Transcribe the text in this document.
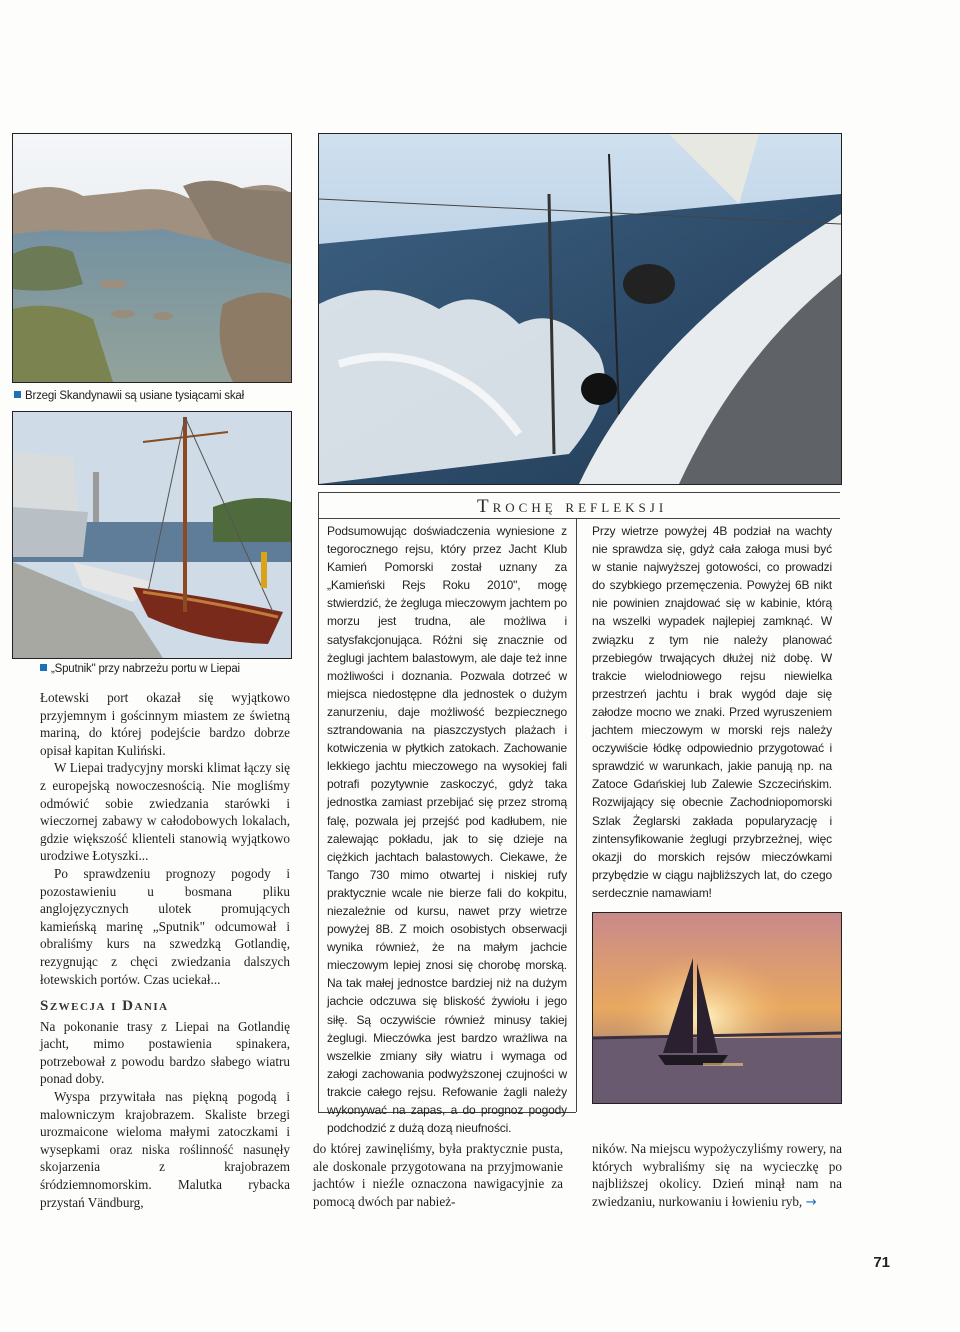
Brzegi Skandynawii są usiane tysiącami skał
„Sputnik" przy nabrzeżu portu w Liepai
Trochę refleksji

Podsumowując doświadczenia wyniesione z tegorocznego rejsu, który przez Jacht Klub Kamień Pomorski został uznany za „Kamieński Rejs Roku 2010", mogę stwierdzić, że żegluga mieczowym jachtem po morzu jest trudna, ale możliwa i satysfakcjonująca. Różni się znacznie od żeglugi jachtem balastowym, ale daje też inne możliwości i doznania. Pozwala dotrzeć w miejsca niedostępne dla jednostek o dużym zanurzeniu, daje możliwość bezpiecznego sztrandowania na piaszczystych plażach i kotwiczenia w płytkich zatokach. Zachowanie lekkiego jachtu mieczowego na wysokiej fali potrafi pozytywnie zaskoczyć, gdyż taka jednostka zamiast przebijać się przez stromą falę, pozwala jej przejść pod kadłubem, nie zalewając pokładu, jak to się dzieje na ciężkich jachtach balastowych. Ciekawe, że Tango 730 mimo otwartej i niskiej rufy praktycznie wcale nie bierze fali do kokpitu, niezależnie od kursu, nawet przy wietrze powyżej 8B. Z moich osobistych obserwacji wynika również, że na małym jachcie mieczowym lepiej znosi się chorobę morską. Na tak małej jednostce bardziej niż na dużym jachcie odczuwa się bliskość żywiołu i jego siłę. Są oczywiście również minusy takiej żeglugi. Mieczówka jest bardzo wrażliwa na wszelkie zmiany siły wiatru i wymaga od załogi zachowania podwyższonej czujności w trakcie całego rejsu. Refowanie żagli należy wykonywać na zapas, a do prognoz pogody podchodzić z dużą dozą nieufności.

Przy wietrze powyżej 4B podział na wachty nie sprawdza się, gdyż cała załoga musi być w stanie najwyższej gotowości, co prowadzi do szybkiego przemęczenia. Powyżej 6B nikt nie powinien znajdować się w kabinie, którą na wszelki wypadek najlepiej zamknąć. W związku z tym nie należy planować przebiegów trwających dłużej niż dobę. W trakcie wielodniowego rejsu niewielka przestrzeń jachtu i brak wygód daje się załodze mocno we znaki. Przed wyruszeniem jachtem mieczowym w morski rejs należy oczywiście łódkę odpowiednio przygotować i sprawdzić w warunkach, jakie panują np. na Zatoce Gdańskiej lub Zalewie Szczecińskim. Rozwijający się obecnie Zachodniopomorski Szlak Żeglarski zakłada popularyzację i zintensyfikowanie żeglugi przybrzeżnej, więc okazji do morskich rejsów mieczówkami przybędzie w ciągu najbliższych lat, do czego serdecznie namawiam!

Łotewski port okazał się wyjątkowo przyjemnym i gościnnym miastem ze świetną mariną, do której podejście bardzo dobrze opisał kapitan Kuliński.

W Liepai tradycyjny morski klimat łączy się z europejską nowoczesnością. Nie mogliśmy odmówić sobie zwiedzania starówki i wieczornej zabawy w całodobowych lokalach, gdzie większość klienteli stanowią wyjątkowo urodziwe Łotyszki...

Po sprawdzeniu prognozy pogody i pozostawieniu u bosmana pliku anglojęzycznych ulotek promujących kamieńską marinę „Sputnik" odcumował i obraliśmy kurs na szwedzką Gotlandię, rezygnując z chęci zwiedzania dalszych łotewskich portów. Czas uciekał...

Szwecja i Dania

Na pokonanie trasy z Liepai na Gotlandię jacht, mimo postawienia spinakera, potrzebował z powodu bardzo słabego wiatru ponad doby.

Wyspa przywitała nas piękną pogodą i malowniczym krajobrazem. Skaliste brzegi urozmaicone wieloma małymi zatoczkami i wysepkami oraz niska roślinność nasunęły skojarzenia z krajobrazem śródziemnomorskim. Malutka rybacka przystań Vändburg,

do której zawinęliśmy, była praktycznie pusta, ale doskonale przygotowana na przyjmowanie jachtów i nieźle oznaczona nawigacyjnie za pomocą dwóch par nabież-

ników. Na miejscu wypożyczyliśmy rowery, na których wybraliśmy się na wycieczkę po najbliższej okolicy. Dzień minął nam na zwiedzaniu, nurkowaniu i łowieniu ryb, →

71
